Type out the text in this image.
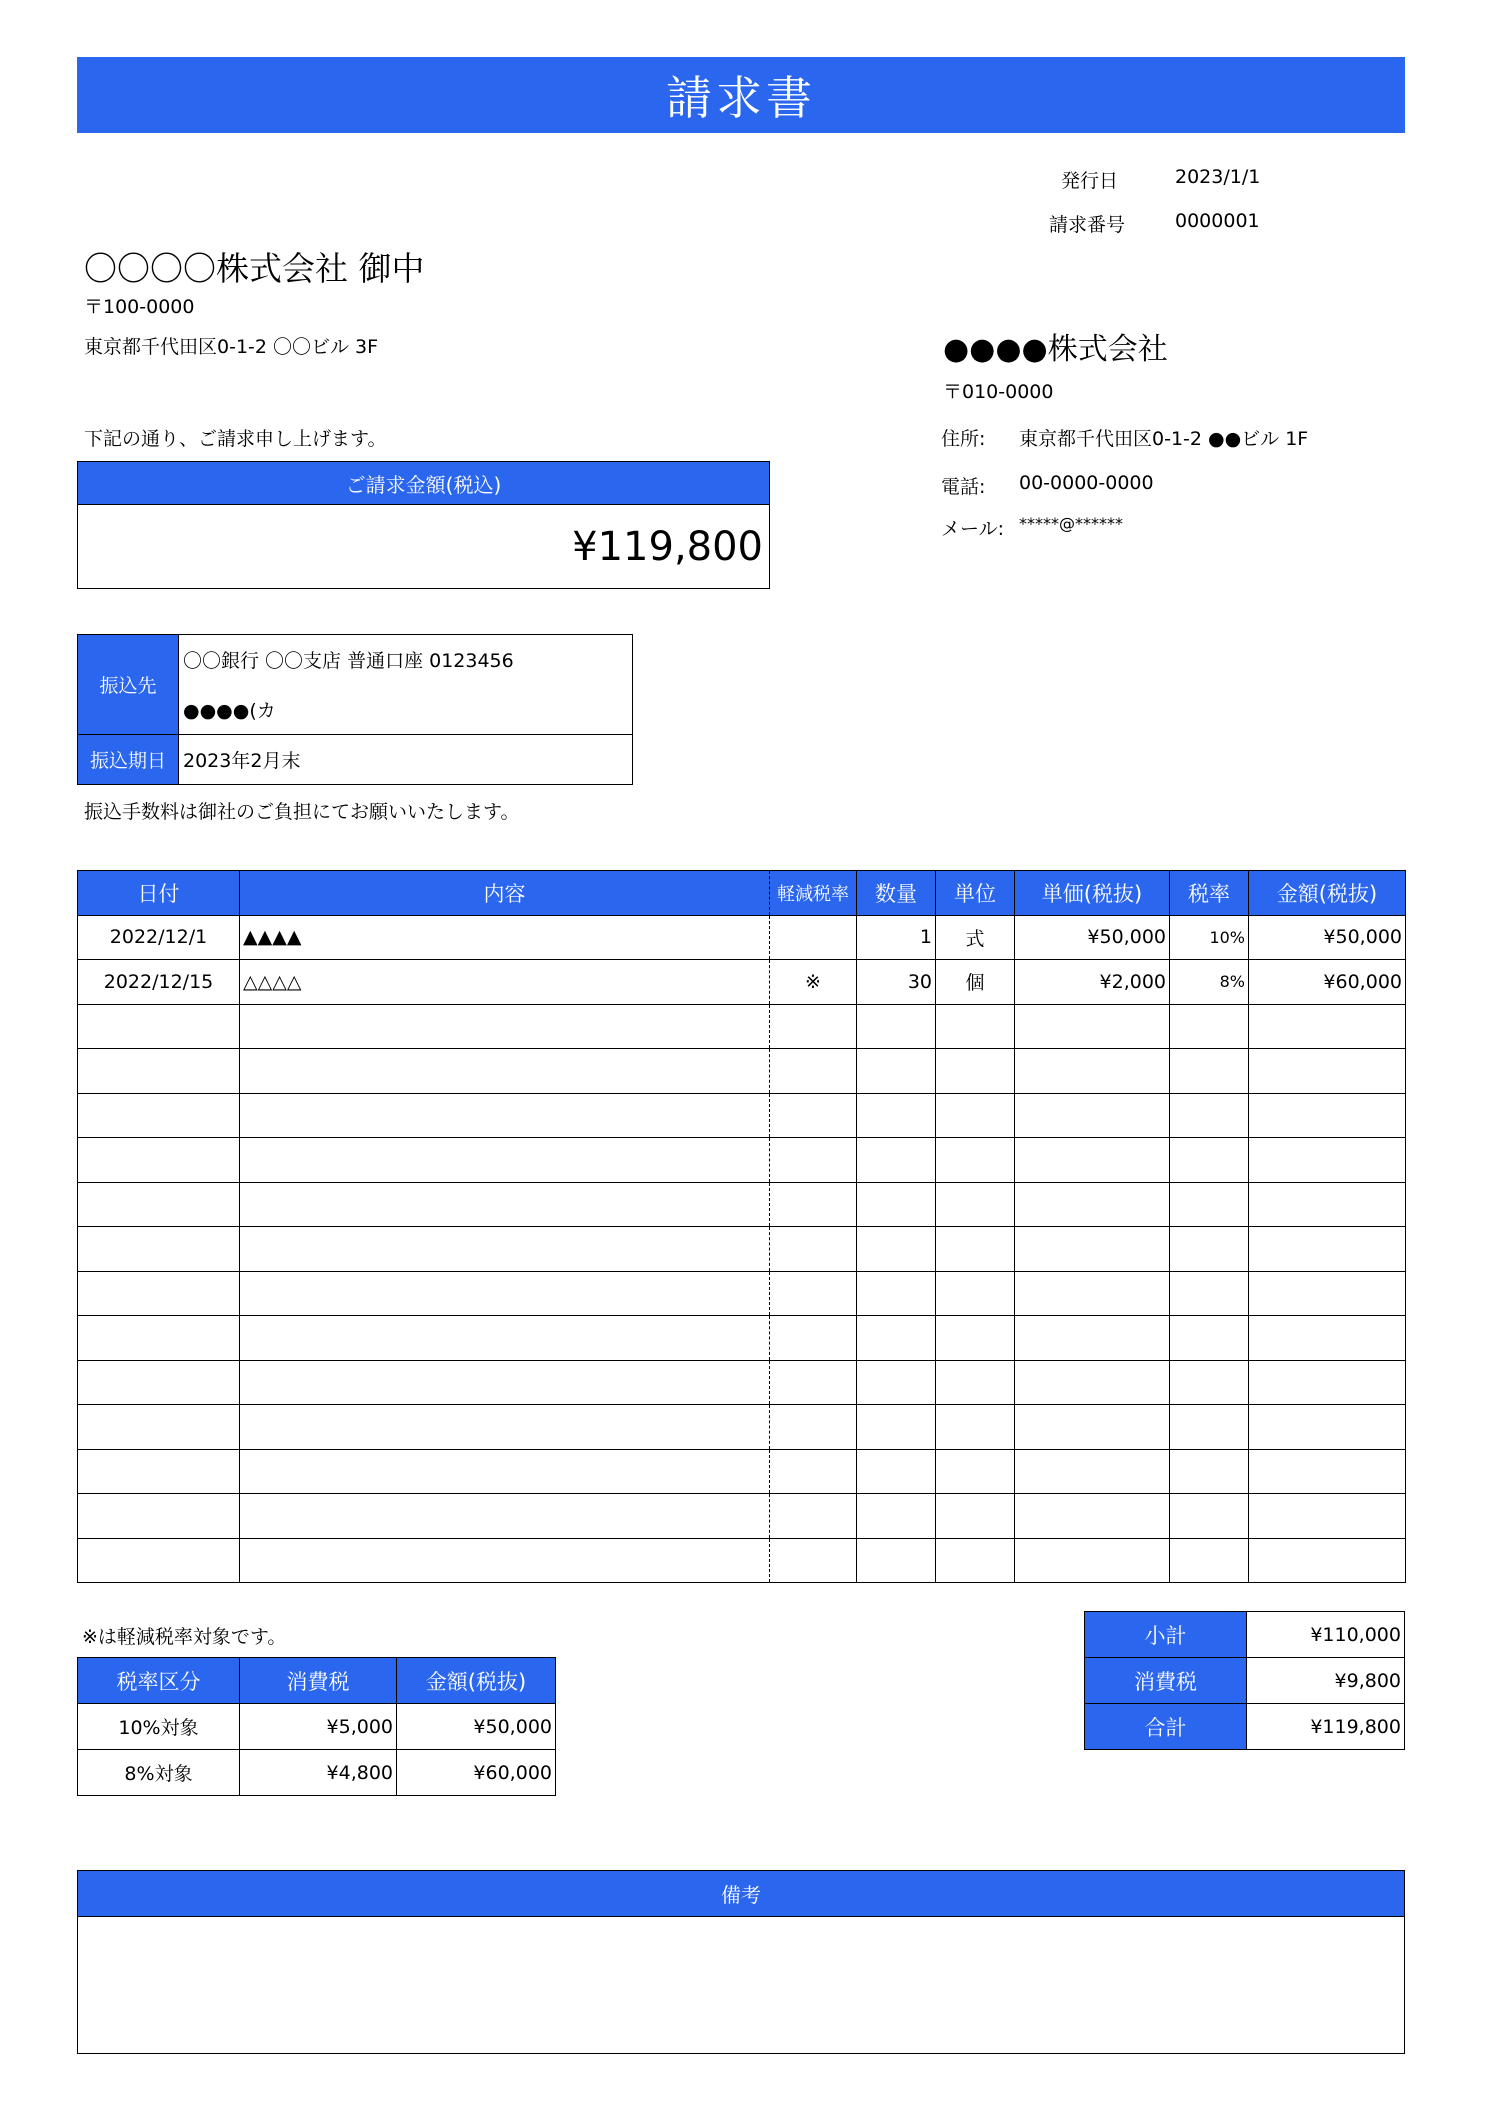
請求書
発行日	2023/1/1
請求番号	0000001
〇〇〇〇株式会社 御中
〒100-0000
東京都千代田区0-1-2 〇〇ビル 3F
下記の通り、ご請求申し上げます。
●●●●株式会社
〒010-0000
住所: 東京都千代田区0-1-2 ●●ビル 1F
電話: 00-0000-0000
メール: *****@******
ご請求金額(税込)
¥119,800
振込先	〇〇銀行 〇〇支店 普通口座 0123456
	●●●●(カ
振込期日	2023年2月末
振込手数料は御社のご負担にてお願いいたします。
日付	内容	軽減税率	数量	単位	単価(税抜)	税率	金額(税抜)
2022/12/1	▲▲▲▲		1	式	¥50,000	10%	¥50,000
2022/12/15	△△△△	※	30	個	¥2,000	8%	¥60,000

※は軽減税率対象です。
税率区分	消費税	金額(税抜)
10%対象	¥5,000	¥50,000
8%対象	¥4,800	¥60,000
小計	¥110,000
消費税	¥9,800
合計	¥119,800
備考
